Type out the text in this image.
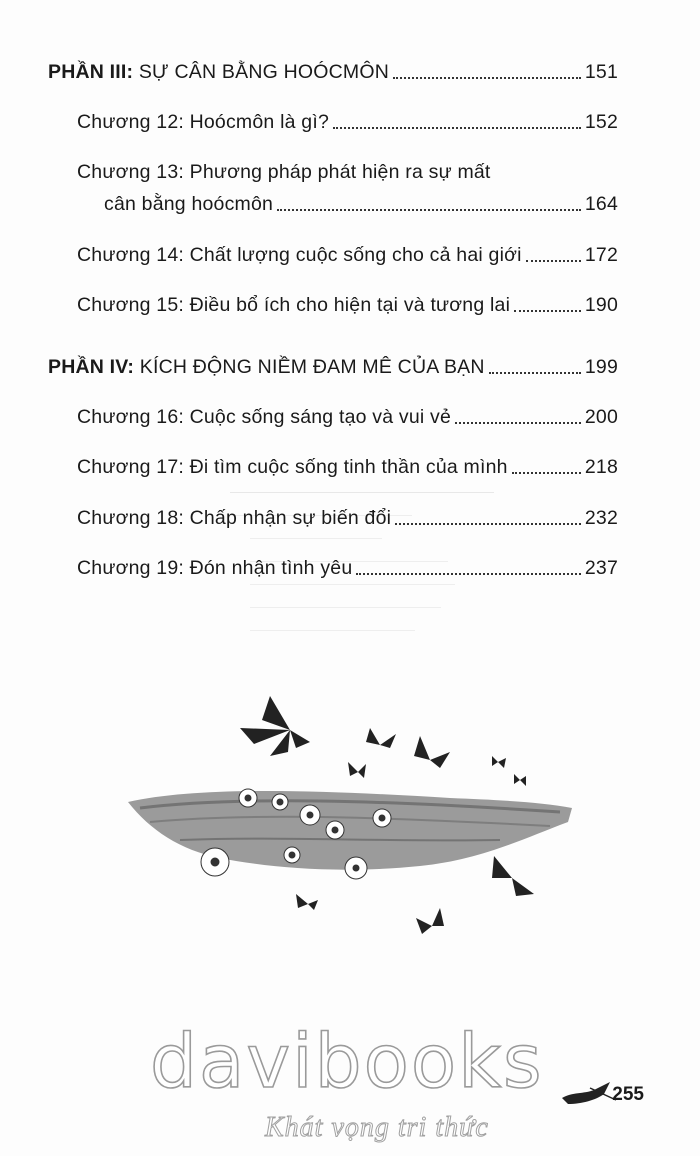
PHẦN III: SỰ CÂN BẰNG HOÓCMÔN	151
Chương 12: Hoócmôn là gì?	152
Chương 13: Phương pháp phát hiện ra sự mất
cân bằng hoócmôn	164
Chương 14: Chất lượng cuộc sống cho cả hai giới	172
Chương 15: Điều bổ ích cho hiện tại và tương lai	190
PHẦN IV: KÍCH ĐỘNG NIỀM ĐAM MÊ CỦA BẠN	199
Chương 16: Cuộc sống sáng tạo và vui vẻ	200
Chương 17: Đi tìm cuộc sống tinh thần của mình	218
Chương 18: Chấp nhận sự biến đổi	232
Chương 19: Đón nhận tình yêu	237
davibooks
Khát vọng tri thức
255
